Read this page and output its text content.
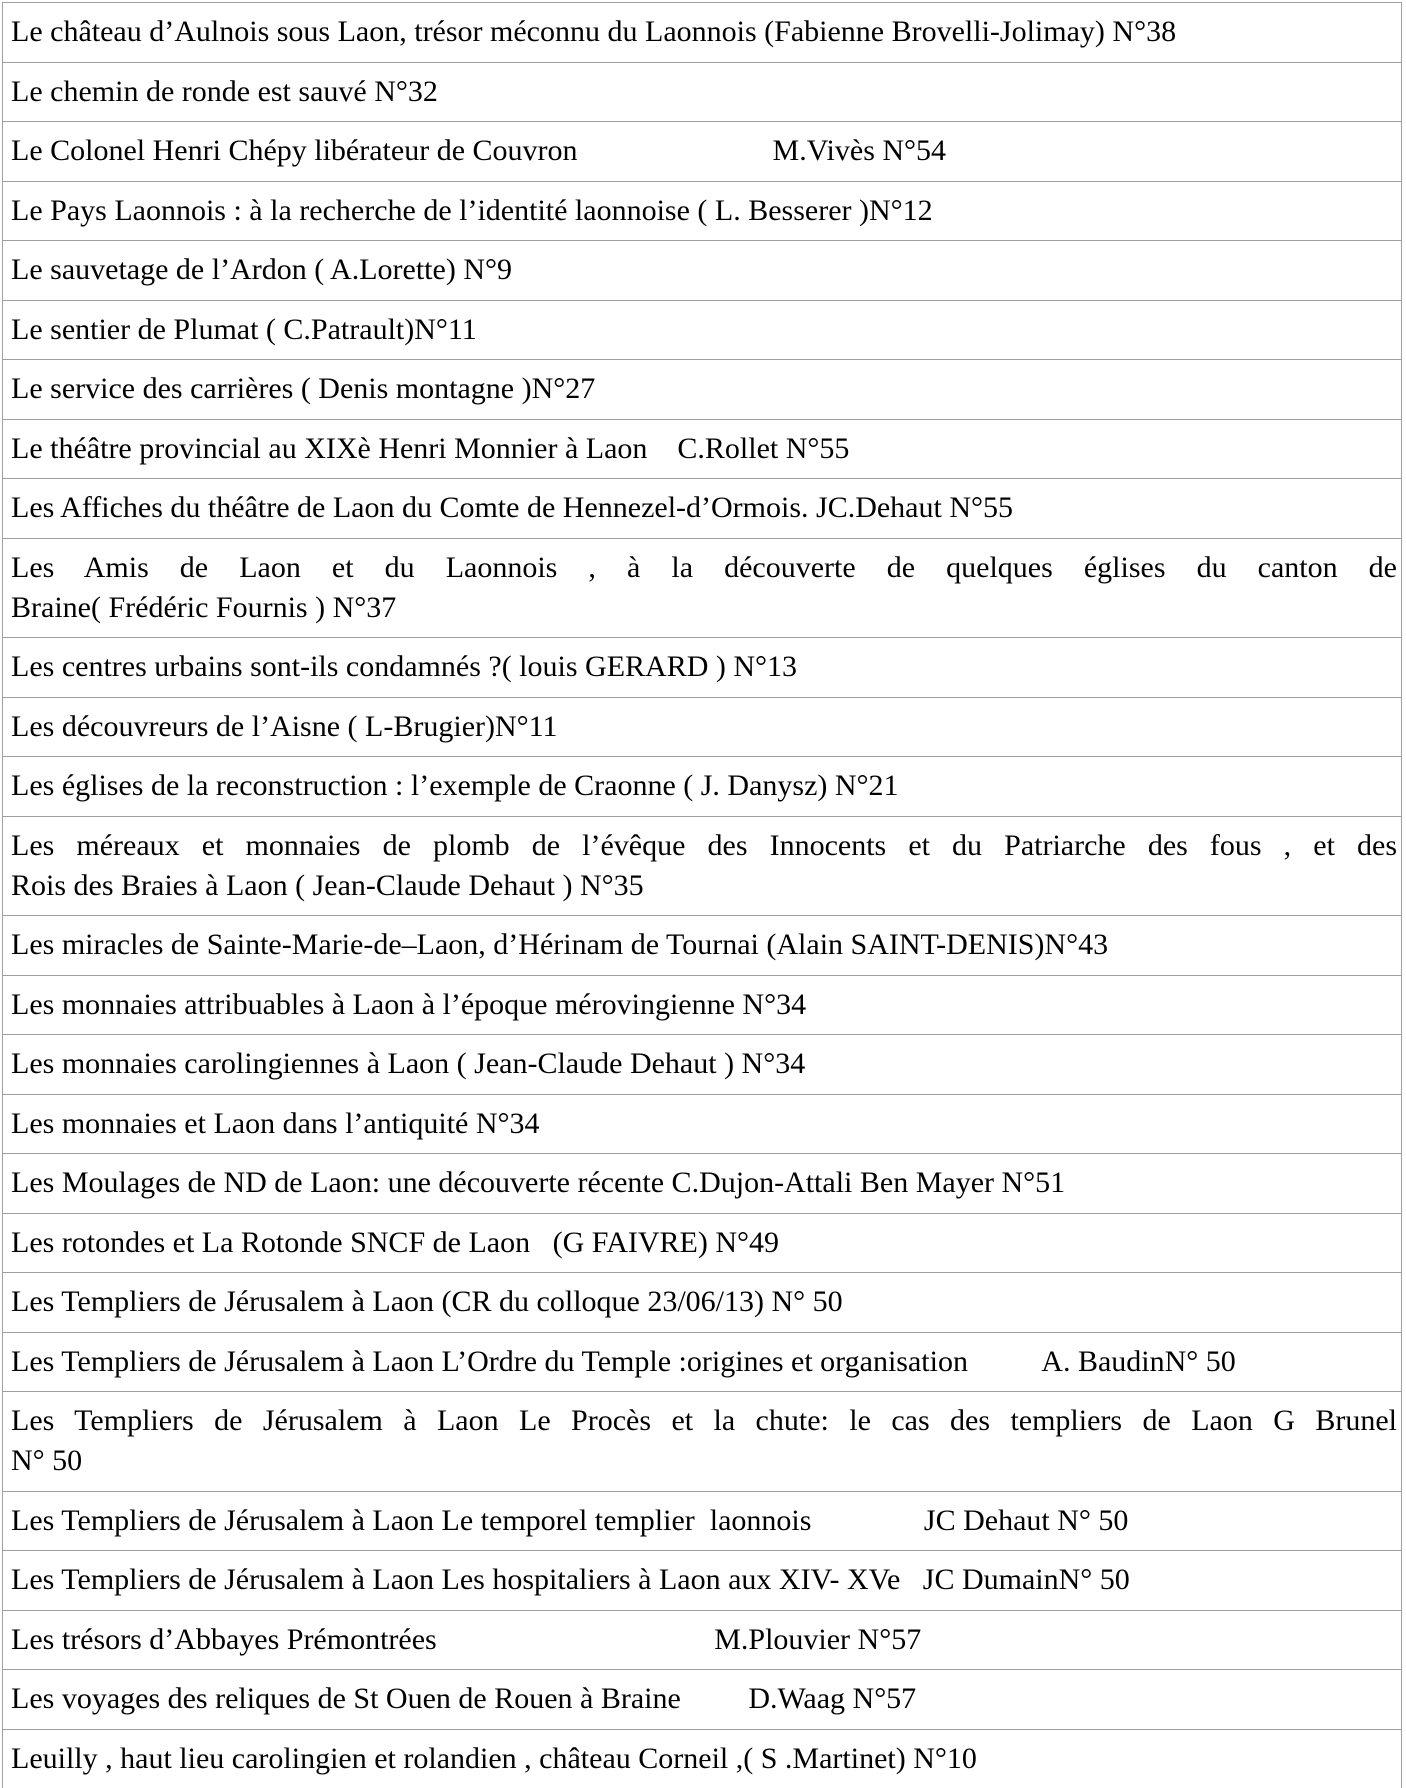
Le château d’Aulnois sous Laon, trésor méconnu du Laonnois (Fabienne Brovelli-Jolimay) N°38
Le chemin de ronde est sauvé N°32
Le Colonel Henri Chépy libérateur de Couvron                          M.Vivès N°54
Le Pays Laonnois : à la recherche de l’identité laonnoise ( L. Besserer )N°12
Le sauvetage de l’Ardon ( A.Lorette) N°9
Le sentier de Plumat ( C.Patrault)N°11
Le service des carrières ( Denis montagne )N°27
Le théâtre provincial au XIXè Henri Monnier à Laon    C.Rollet N°55
Les Affiches du théâtre de Laon du Comte de Hennezel-d’Ormois. JC.Dehaut N°55
Les Amis de Laon et du Laonnois , à la découverte de quelques églises du canton de
Braine( Frédéric Fournis ) N°37
Les centres urbains sont-ils condamnés ?( louis GERARD ) N°13
Les découvreurs de l’Aisne ( L-Brugier)N°11
Les églises de la reconstruction : l’exemple de Craonne ( J. Danysz) N°21
Les méreaux et monnaies de plomb de l’évêque des Innocents et du Patriarche des fous , et des
Rois des Braies à Laon ( Jean-Claude Dehaut ) N°35
Les miracles de Sainte-Marie-de–Laon, d’Hérinam de Tournai (Alain SAINT-DENIS)N°43
Les monnaies attribuables à Laon à l’époque mérovingienne N°34
Les monnaies carolingiennes à Laon ( Jean-Claude Dehaut ) N°34
Les monnaies et Laon dans l’antiquité N°34
Les Moulages de ND de Laon: une découverte récente C.Dujon-Attali Ben Mayer N°51
Les rotondes et La Rotonde SNCF de Laon   (G FAIVRE) N°49
Les Templiers de Jérusalem à Laon (CR du colloque 23/06/13) N° 50
Les Templiers de Jérusalem à Laon L’Ordre du Temple :origines et organisation          A. BaudinN° 50
Les Templiers de Jérusalem à Laon Le Procès et la chute: le cas des templiers de Laon G Brunel
N° 50
Les Templiers de Jérusalem à Laon Le temporel templier  laonnois               JC Dehaut N° 50
Les Templiers de Jérusalem à Laon Les hospitaliers à Laon aux XIV- XVe   JC DumainN° 50
Les trésors d’Abbayes Prémontrées                                     M.Plouvier N°57
Les voyages des reliques de St Ouen de Rouen à Braine         D.Waag N°57
Leuilly , haut lieu carolingien et rolandien , château Corneil ,( S .Martinet) N°10
